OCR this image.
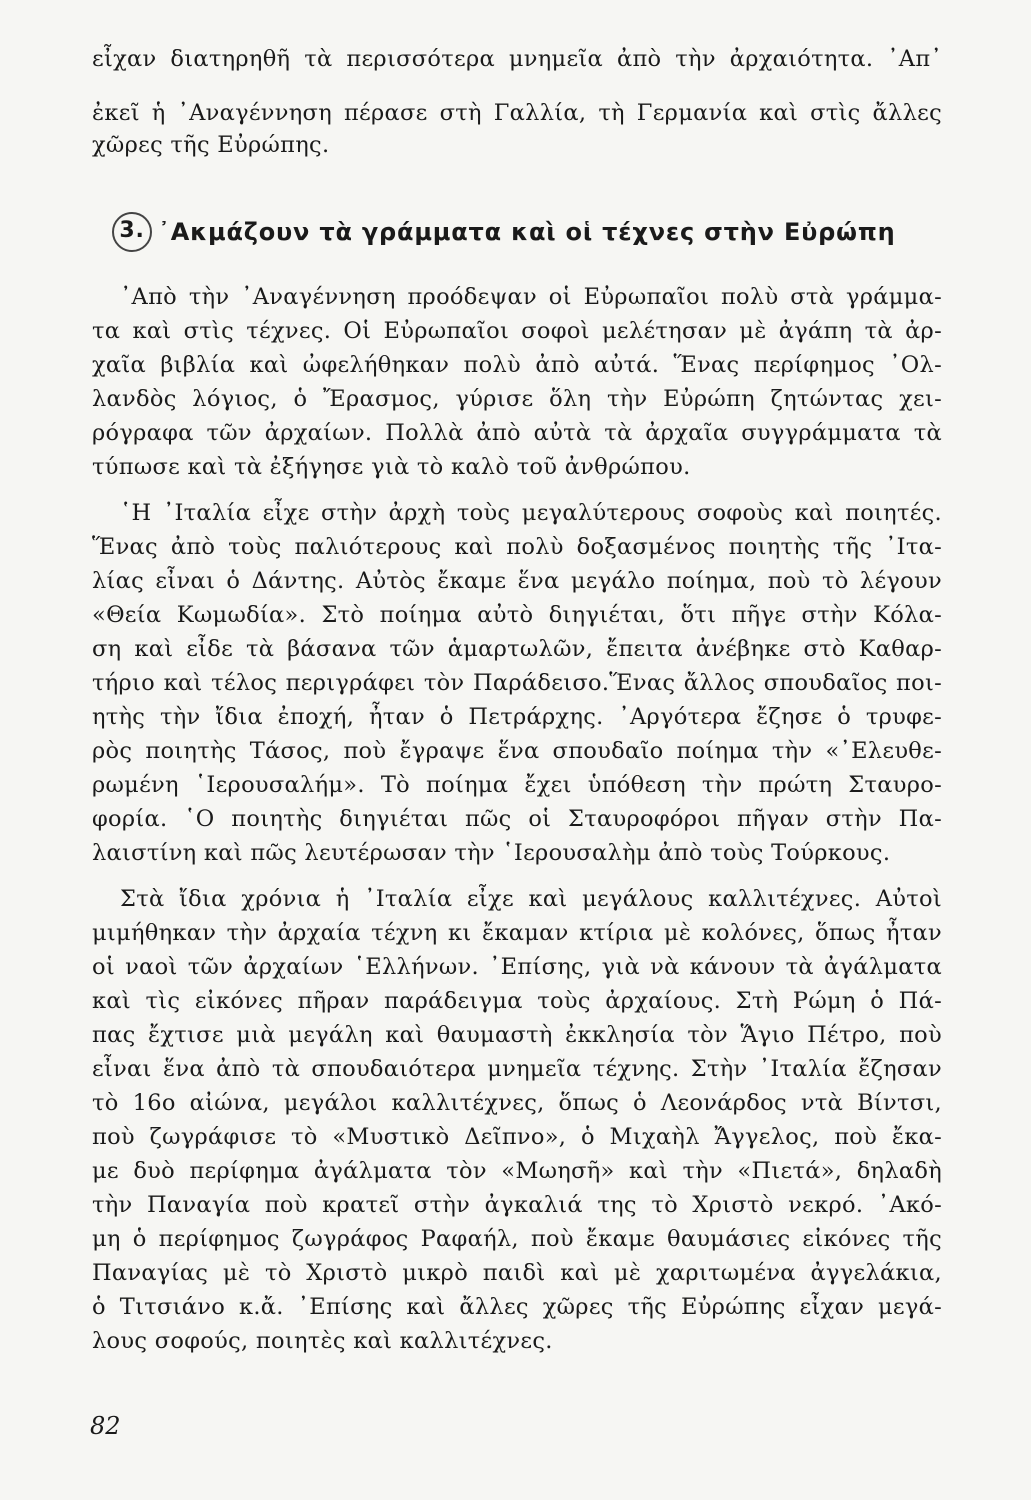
εἶχαν διατηρηθῆ τὰ περισσότερα μνημεῖα ἀπὸ τὴν ἀρχαιότητα. ᾿Απ᾿
ἐκεῖ ἡ ᾿Αναγέννηση πέρασε στὴ Γαλλία, τὴ Γερμανία καὶ στὶς ἄλλες
χῶρες τῆς Εὐρώπης.
3. ᾿Ακμάζουν τὰ γράμματα καὶ οἱ τέχνες στὴν Εὐρώπη
᾿Απὸ τὴν ᾿Αναγέννηση προόδεψαν οἱ Εὐρωπαῖοι πολὺ στὰ γράμμα-
τα καὶ στὶς τέχνες. Οἱ Εὐρωπαῖοι σοφοὶ μελέτησαν μὲ ἀγάπη τὰ ἀρ-
χαῖα βιβλία καὶ ὠφελήθηκαν πολὺ ἀπὸ αὐτά. Ἕνας περίφημος ᾿Ολ-
λανδὸς λόγιος, ὁ Ἔρασμος, γύρισε ὅλη τὴν Εὐρώπη ζητώντας χει-
ρόγραφα τῶν ἀρχαίων. Πολλὰ ἀπὸ αὐτὰ τὰ ἀρχαῖα συγγράμματα τὰ
τύπωσε καὶ τὰ ἐξήγησε γιὰ τὸ καλὸ τοῦ ἀνθρώπου.
῾Η ᾿Ιταλία εἶχε στὴν ἀρχὴ τοὺς μεγαλύτερους σοφοὺς καὶ ποιητές.
Ἕνας ἀπὸ τοὺς παλιότερους καὶ πολὺ δοξασμένος ποιητὴς τῆς ᾿Ιτα-
λίας εἶναι ὁ Δάντης. Αὐτὸς ἔκαμε ἕνα μεγάλο ποίημα, ποὺ τὸ λέγουν
«Θεία Κωμωδία». Στὸ ποίημα αὐτὸ διηγιέται, ὅτι πῆγε στὴν Κόλα-
ση καὶ εἶδε τὰ βάσανα τῶν ἁμαρτωλῶν, ἔπειτα ἀνέβηκε στὸ Καθαρ-
τήριο καὶ τέλος περιγράφει τὸν Παράδεισο.Ἕνας ἄλλος σπουδαῖος ποι-
ητὴς τὴν ἴδια ἐποχή, ἦταν ὁ Πετράρχης. ᾿Αργότερα ἔζησε ὁ τρυφε-
ρὸς ποιητὴς Τάσος, ποὺ ἔγραψε ἕνα σπουδαῖο ποίημα τὴν «᾿Ελευθε-
ρωμένη ῾Ιερουσαλήμ». Τὸ ποίημα ἔχει ὑπόθεση τὴν πρώτη Σταυρο-
φορία. ῾Ο ποιητὴς διηγιέται πῶς οἱ Σταυροφόροι πῆγαν στὴν Πα-
λαιστίνη καὶ πῶς λευτέρωσαν τὴν ῾Ιερουσαλὴμ ἀπὸ τοὺς Τούρκους.
Στὰ ἴδια χρόνια ἡ ᾿Ιταλία εἶχε καὶ μεγάλους καλλιτέχνες. Αὐτοὶ
μιμήθηκαν τὴν ἀρχαία τέχνη κι ἔκαμαν κτίρια μὲ κολόνες, ὅπως ἦταν
οἱ ναοὶ τῶν ἀρχαίων ῾Ελλήνων. ᾿Επίσης, γιὰ νὰ κάνουν τὰ ἀγάλματα
καὶ τὶς εἰκόνες πῆραν παράδειγμα τοὺς ἀρχαίους. Στὴ Ρώμη ὁ Πά-
πας ἔχτισε μιὰ μεγάλη καὶ θαυμαστὴ ἐκκλησία τὸν Ἅγιο Πέτρο, ποὺ
εἶναι ἕνα ἀπὸ τὰ σπουδαιότερα μνημεῖα τέχνης. Στὴν ᾿Ιταλία ἔζησαν
τὸ 16ο αἰώνα, μεγάλοι καλλιτέχνες, ὅπως ὁ Λεονάρδος ντὰ Βίντσι,
ποὺ ζωγράφισε τὸ «Μυστικὸ Δεῖπνο», ὁ Μιχαὴλ Ἄγγελος, ποὺ ἔκα-
με δυὸ περίφημα ἀγάλματα τὸν «Μωησῆ» καὶ τὴν «Πιετά», δηλαδὴ
τὴν Παναγία ποὺ κρατεῖ στὴν ἀγκαλιά της τὸ Χριστὸ νεκρό. ᾿Ακό-
μη ὁ περίφημος ζωγράφος Ραφαήλ, ποὺ ἔκαμε θαυμάσιες εἰκόνες τῆς
Παναγίας μὲ τὸ Χριστὸ μικρὸ παιδὶ καὶ μὲ χαριτωμένα ἀγγελάκια,
ὁ Τιτσιάνο κ.ἄ. ᾿Επίσης καὶ ἄλλες χῶρες τῆς Εὐρώπης εἶχαν μεγά-
λους σοφούς, ποιητὲς καὶ καλλιτέχνες.
82
